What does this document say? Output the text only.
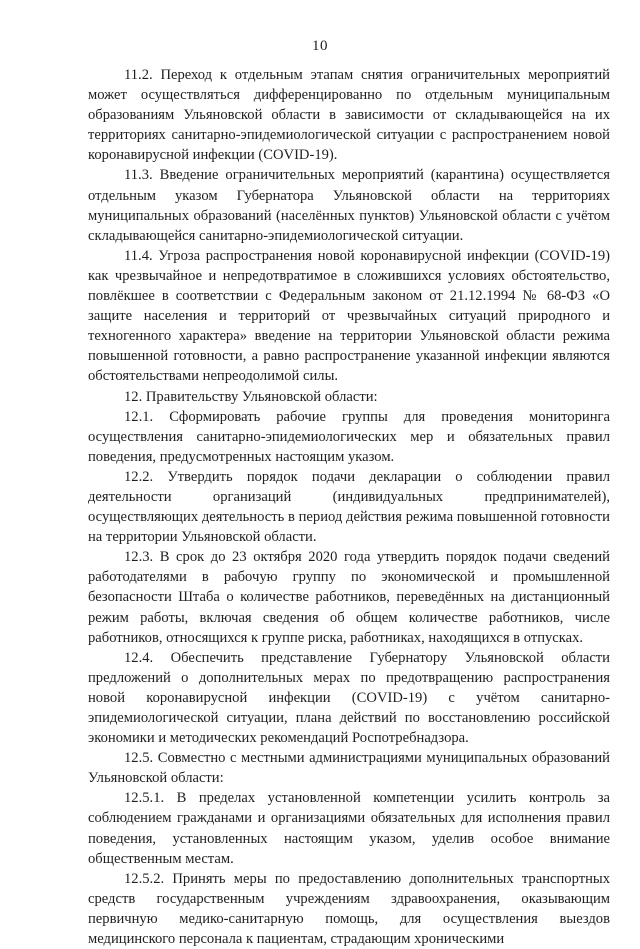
10

11.2. Переход к отдельным этапам снятия ограничительных мероприятий может осуществляться дифференцированно по отдельным муниципальным образованиям Ульяновской области в зависимости от складывающейся на их территориях санитарно-эпидемиологической ситуации с распространением новой коронавирусной инфекции (COVID-19).

11.3. Введение ограничительных мероприятий (карантина) осуществляется отдельным указом Губернатора Ульяновской области на территориях муниципальных образований (населённых пунктов) Ульяновской области с учётом складывающейся санитарно-эпидемиологической ситуации.

11.4. Угроза распространения новой коронавирусной инфекции (COVID-19) как чрезвычайное и непредотвратимое в сложившихся условиях обстоятельство, повлёкшее в соответствии с Федеральным законом от 21.12.1994 № 68-ФЗ «О защите населения и территорий от чрезвычайных ситуаций природного и техногенного характера» введение на территории Ульяновской области режима повышенной готовности, а равно распространение указанной инфекции являются обстоятельствами непреодолимой силы.

12. Правительству Ульяновской области:

12.1. Сформировать рабочие группы для проведения мониторинга осуществления санитарно-эпидемиологических мер и обязательных правил поведения, предусмотренных настоящим указом.

12.2. Утвердить порядок подачи декларации о соблюдении правил деятельности организаций (индивидуальных предпринимателей), осуществляющих деятельность в период действия режима повышенной готовности на территории Ульяновской области.

12.3. В срок до 23 октября 2020 года утвердить порядок подачи сведений работодателями в рабочую группу по экономической и промышленной безопасности Штаба о количестве работников, переведённых на дистанционный режим работы, включая сведения об общем количестве работников, числе работников, относящихся к группе риска, работниках, находящихся в отпусках.

12.4. Обеспечить представление Губернатору Ульяновской области предложений о дополнительных мерах по предотвращению распространения новой коронавирусной инфекции (COVID-19) с учётом санитарно-эпидемиологической ситуации, плана действий по восстановлению российской экономики и методических рекомендаций Роспотребнадзора.

12.5. Совместно с местными администрациями муниципальных образований Ульяновской области:

12.5.1. В пределах установленной компетенции усилить контроль за соблюдением гражданами и организациями обязательных для исполнения правил поведения, установленных настоящим указом, уделив особое внимание общественным местам.

12.5.2. Принять меры по предоставлению дополнительных транспортных средств государственным учреждениям здравоохранения, оказывающим первичную медико-санитарную помощь, для осуществления выездов медицинского персонала к пациентам, страдающим хроническими
